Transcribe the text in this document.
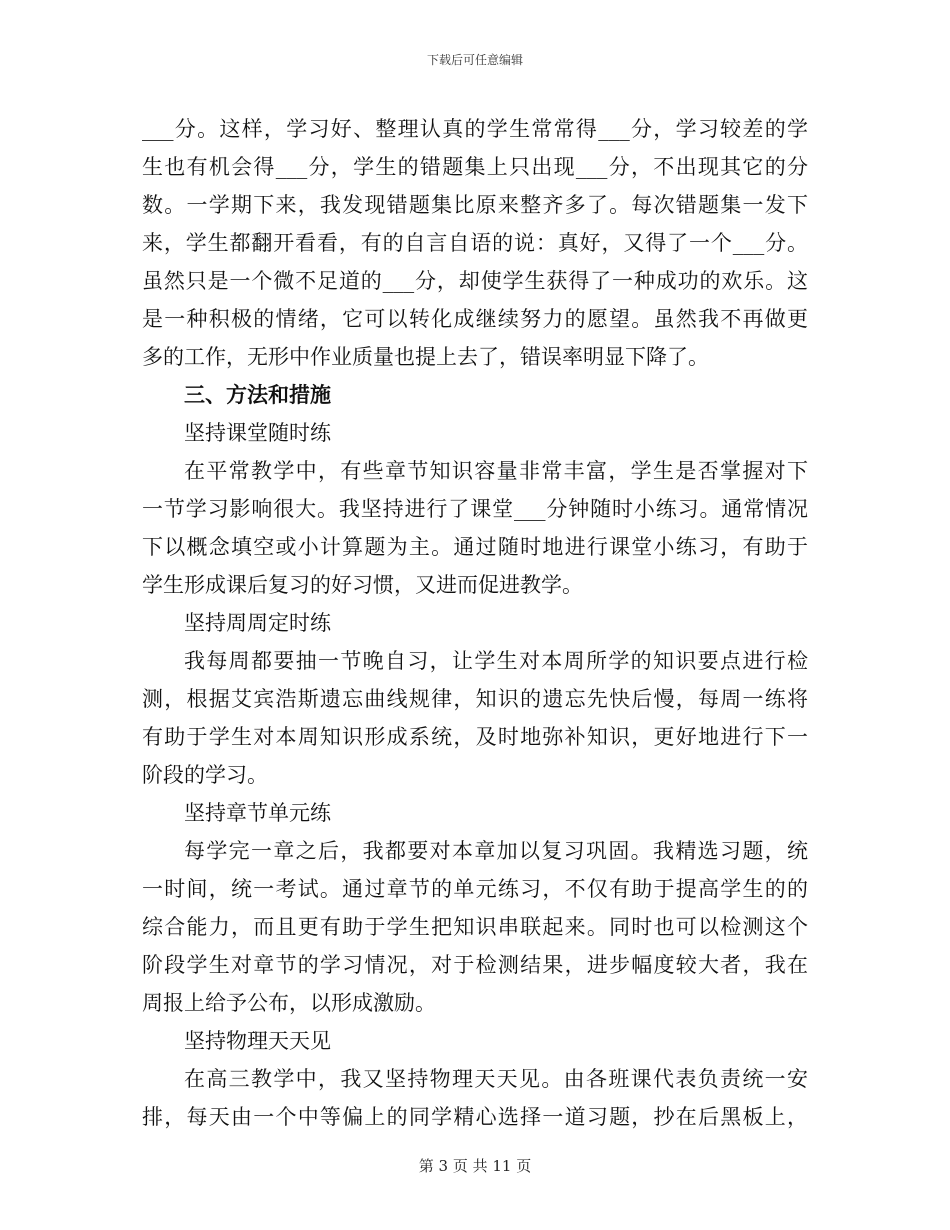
下载后可任意编辑
___分。这样，学习好、整理认真的学生常常得___分，学习较差的学
生也有机会得___分，学生的错题集上只出现___分，不出现其它的分
数。一学期下来，我发现错题集比原来整齐多了。每次错题集一发下
来，学生都翻开看看，有的自言自语的说：真好，又得了一个___分。
虽然只是一个微不足道的___分，却使学生获得了一种成功的欢乐。这
是一种积极的情绪，它可以转化成继续努力的愿望。虽然我不再做更
多的工作，无形中作业质量也提上去了，错误率明显下降了。
三、方法和措施
坚持课堂随时练
在平常教学中，有些章节知识容量非常丰富，学生是否掌握对下
一节学习影响很大。我坚持进行了课堂___分钟随时小练习。通常情况
下以概念填空或小计算题为主。通过随时地进行课堂小练习，有助于
学生形成课后复习的好习惯，又进而促进教学。
坚持周周定时练
我每周都要抽一节晚自习，让学生对本周所学的知识要点进行检
测，根据艾宾浩斯遗忘曲线规律，知识的遗忘先快后慢，每周一练将
有助于学生对本周知识形成系统，及时地弥补知识，更好地进行下一
阶段的学习。
坚持章节单元练
每学完一章之后，我都要对本章加以复习巩固。我精选习题，统
一时间，统一考试。通过章节的单元练习，不仅有助于提高学生的的
综合能力，而且更有助于学生把知识串联起来。同时也可以检测这个
阶段学生对章节的学习情况，对于检测结果，进步幅度较大者，我在
周报上给予公布，以形成激励。
坚持物理天天见
在高三教学中，我又坚持物理天天见。由各班课代表负责统一安
排，每天由一个中等偏上的同学精心选择一道习题，抄在后黑板上，
第 3 页 共 11 页
